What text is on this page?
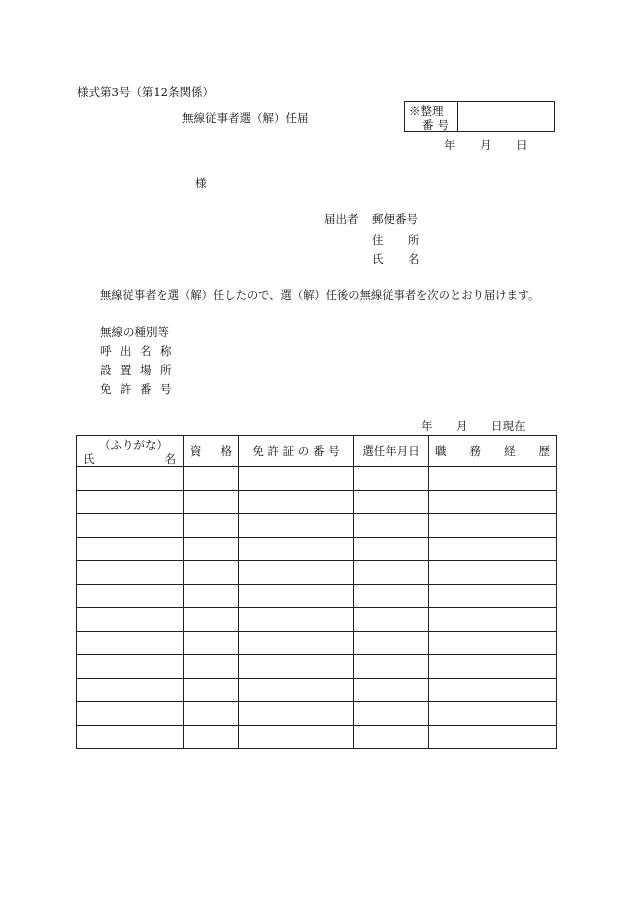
様式第3号（第12条関係）
無線従事者選（解）任届	※整理
番号
年 月 日
様
届出者 郵便番号
住 所
氏 名
無線従事者を選（解）任したので、選（解）任後の無線従事者を次のとおり届けます。
無線の種別等
呼 出 名 称
設 置 場 所
免 許 番 号
年 月 日現在
（ふりがな）
氏 名	資 格	免 許 証 の 番 号	選任年月日	職 務 経 歴
